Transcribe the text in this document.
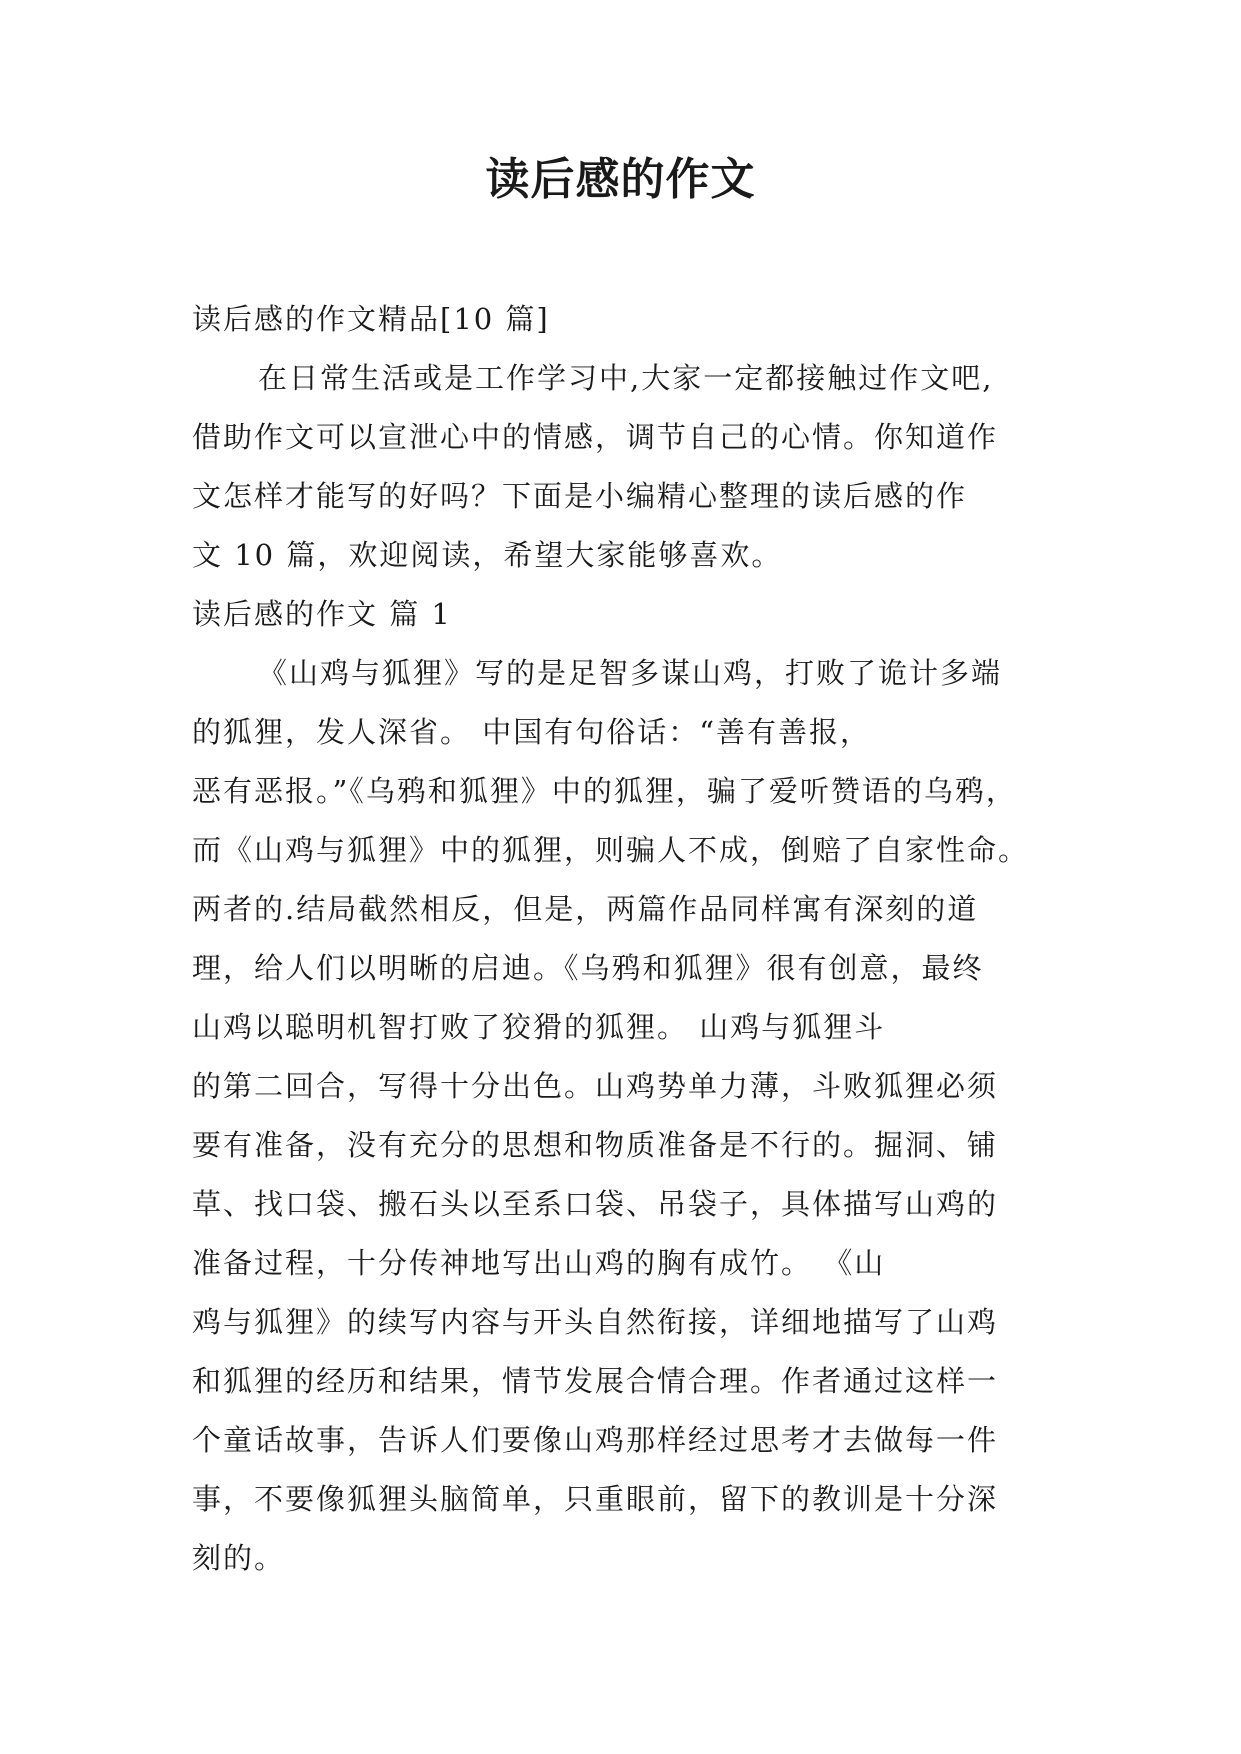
读后感的作文
读后感的作文精品[10 篇]
在日常生活或是工作学习中,大家一定都接触过作文吧,
借助作文可以宣泄心中的情感，调节自己的心情。你知道作
文怎样才能写的好吗？下面是小编精心整理的读后感的作
文 10 篇，欢迎阅读，希望大家能够喜欢。
读后感的作文 篇 1
《山鸡与狐狸》写的是足智多谋山鸡，打败了诡计多端
的狐狸，发人深省。 中国有句俗话：“善有善报，
恶有恶报。”《乌鸦和狐狸》中的狐狸，骗了爱听赞语的乌鸦，
而《山鸡与狐狸》中的狐狸，则骗人不成，倒赔了自家性命。
两者的.结局截然相反，但是，两篇作品同样寓有深刻的道
理，给人们以明晰的启迪。《乌鸦和狐狸》很有创意，最终
山鸡以聪明机智打败了狡猾的狐狸。 山鸡与狐狸斗
的第二回合，写得十分出色。山鸡势单力薄，斗败狐狸必须
要有准备，没有充分的思想和物质准备是不行的。掘洞、铺
草、找口袋、搬石头以至系口袋、吊袋子，具体描写山鸡的
准备过程，十分传神地写出山鸡的胸有成竹。 《山
鸡与狐狸》的续写内容与开头自然衔接，详细地描写了山鸡
和狐狸的经历和结果，情节发展合情合理。作者通过这样一
个童话故事，告诉人们要像山鸡那样经过思考才去做每一件
事，不要像狐狸头脑简单，只重眼前，留下的教训是十分深
刻的。
